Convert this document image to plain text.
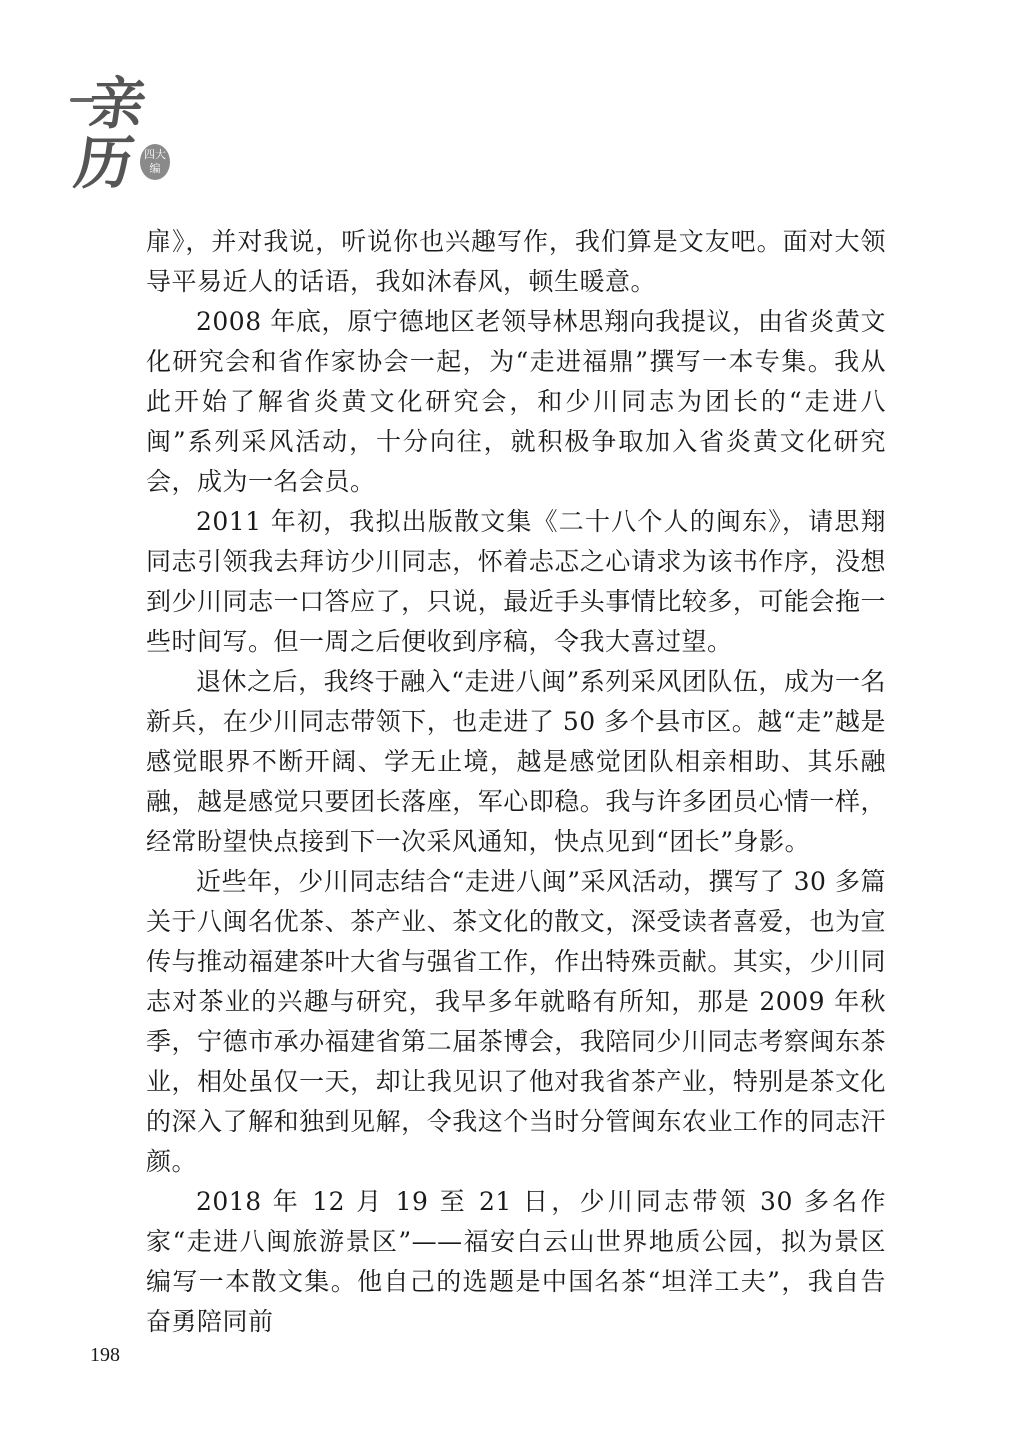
亲
历 四大编

扉》，并对我说，听说你也兴趣写作，我们算是文友吧。面对大领导平易近人的话语，我如沐春风，顿生暖意。

2008 年底，原宁德地区老领导林思翔向我提议，由省炎黄文化研究会和省作家协会一起，为“走进福鼎”撰写一本专集。我从此开始了解省炎黄文化研究会，和少川同志为团长的“走进八闽”系列采风活动，十分向往，就积极争取加入省炎黄文化研究会，成为一名会员。

2011 年初，我拟出版散文集《二十八个人的闽东》，请思翔同志引领我去拜访少川同志，怀着忐忑之心请求为该书作序，没想到少川同志一口答应了，只说，最近手头事情比较多，可能会拖一些时间写。但一周之后便收到序稿，令我大喜过望。

退休之后，我终于融入“走进八闽”系列采风团队伍，成为一名新兵，在少川同志带领下，也走进了 50 多个县市区。越“走”越是感觉眼界不断开阔、学无止境，越是感觉团队相亲相助、其乐融融，越是感觉只要团长落座，军心即稳。我与许多团员心情一样，经常盼望快点接到下一次采风通知，快点见到“团长”身影。

近些年，少川同志结合“走进八闽”采风活动，撰写了 30 多篇关于八闽名优茶、茶产业、茶文化的散文，深受读者喜爱，也为宣传与推动福建茶叶大省与强省工作，作出特殊贡献。其实，少川同志对茶业的兴趣与研究，我早多年就略有所知，那是 2009 年秋季，宁德市承办福建省第二届茶博会，我陪同少川同志考察闽东茶业，相处虽仅一天，却让我见识了他对我省茶产业，特别是茶文化的深入了解和独到见解，令我这个当时分管闽东农业工作的同志汗颜。

2018 年 12 月 19 至 21 日，少川同志带领 30 多名作家“走进八闽旅游景区”——福安白云山世界地质公园，拟为景区编写一本散文集。他自己的选题是中国名茶“坦洋工夫”，我自告奋勇陪同前

198
